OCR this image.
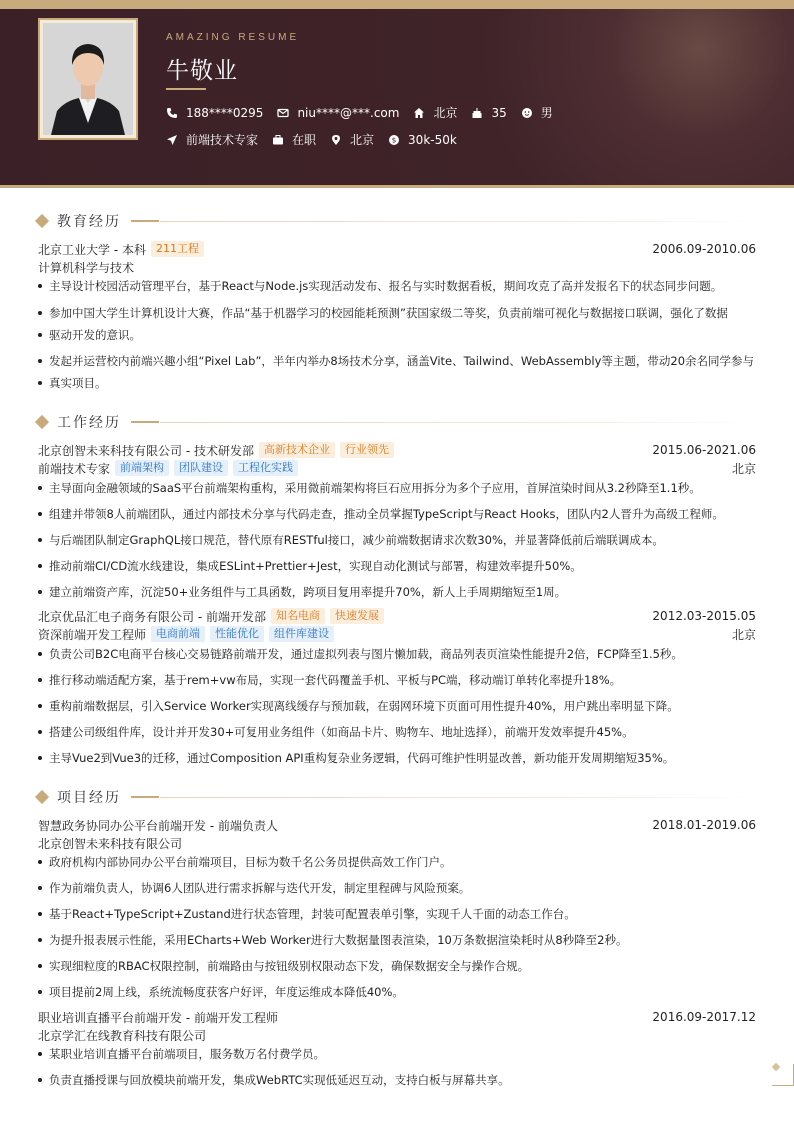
AMAZING RESUME
牛敬业
188****0295	niu****@***.com	北京	35	男
前端技术专家	在职	北京	$ 30k-50k
教育经历
北京工业大学 - 本科 211工程	2006.09-2010.06
计算机科学与技术
主导设计校园活动管理平台，基于React与Node.js实现活动发布、报名与实时数据看板，期间攻克了高并发报名下的状态同步问题。
参加中国大学生计算机设计大赛，作品“基于机器学习的校园能耗预测”获国家级二等奖，负责前端可视化与数据接口联调，强化了数据
驱动开发的意识。
发起并运营校内前端兴趣小组“Pixel Lab”，半年内举办8场技术分享，涵盖Vite、Tailwind、WebAssembly等主题，带动20余名同学参与
真实项目。
工作经历
北京创智未来科技有限公司 - 技术研发部 高新技术企业	行业领先	2015.06-2021.06
前端技术专家 前端架构	团队建设	工程化实践	北京
主导面向金融领域的SaaS平台前端架构重构，采用微前端架构将巨石应用拆分为多个子应用，首屏渲染时间从3.2秒降至1.1秒。
组建并带领8人前端团队，通过内部技术分享与代码走查，推动全员掌握TypeScript与React Hooks，团队内2人晋升为高级工程师。
与后端团队制定GraphQL接口规范，替代原有RESTful接口，减少前端数据请求次数30%，并显著降低前后端联调成本。
推动前端CI/CD流水线建设，集成ESLint+Prettier+Jest，实现自动化测试与部署，构建效率提升50%。
建立前端资产库，沉淀50+业务组件与工具函数，跨项目复用率提升70%，新人上手周期缩短至1周。
北京优品汇电子商务有限公司 - 前端开发部 知名电商	快速发展	2012.03-2015.05
资深前端开发工程师 电商前端	性能优化	组件库建设	北京
负责公司B2C电商平台核心交易链路前端开发，通过虚拟列表与图片懒加载，商品列表页渲染性能提升2倍，FCP降至1.5秒。
推行移动端适配方案，基于rem+vw布局，实现一套代码覆盖手机、平板与PC端，移动端订单转化率提升18%。
重构前端数据层，引入Service Worker实现离线缓存与预加载，在弱网环境下页面可用性提升40%，用户跳出率明显下降。
搭建公司级组件库，设计并开发30+可复用业务组件（如商品卡片、购物车、地址选择），前端开发效率提升45%。
主导Vue2到Vue3的迁移，通过Composition API重构复杂业务逻辑，代码可维护性明显改善，新功能开发周期缩短35%。
项目经历
智慧政务协同办公平台前端开发 - 前端负责人	2018.01-2019.06
北京创智未来科技有限公司
政府机构内部协同办公平台前端项目，目标为数千名公务员提供高效工作门户。
作为前端负责人，协调6人团队进行需求拆解与迭代开发，制定里程碑与风险预案。
基于React+TypeScript+Zustand进行状态管理，封装可配置表单引擎，实现千人千面的动态工作台。
为提升报表展示性能，采用ECharts+Web Worker进行大数据量图表渲染，10万条数据渲染耗时从8秒降至2秒。
实现细粒度的RBAC权限控制，前端路由与按钮级别权限动态下发，确保数据安全与操作合规。
项目提前2周上线，系统流畅度获客户好评，年度运维成本降低40%。
职业培训直播平台前端开发 - 前端开发工程师	2016.09-2017.12
北京学汇在线教育科技有限公司
某职业培训直播平台前端项目，服务数万名付费学员。
负责直播授课与回放模块前端开发，集成WebRTC实现低延迟互动，支持白板与屏幕共享。
